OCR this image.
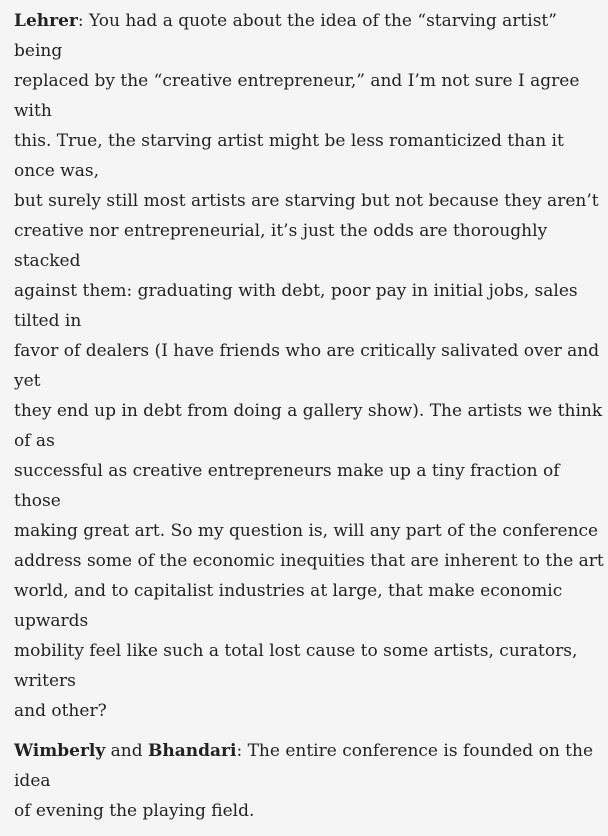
Lehrer: You had a quote about the idea of the “starving artist” being
replaced by the “creative entrepreneur,” and I’m not sure I agree with
this. True, the starving artist might be less romanticized than it once was,
but surely still most artists are starving but not because they aren’t
creative nor entrepreneurial, it’s just the odds are thoroughly stacked
against them: graduating with debt, poor pay in initial jobs, sales tilted in
favor of dealers (I have friends who are critically salivated over and yet
they end up in debt from doing a gallery show). The artists we think of as
successful as creative entrepreneurs make up a tiny fraction of those
making great art. So my question is, will any part of the conference
address some of the economic inequities that are inherent to the art
world, and to capitalist industries at large, that make economic upwards
mobility feel like such a total lost cause to some artists, curators, writers
and other?

Wimberly and Bhandari: The entire conference is founded on the idea
of evening the playing field.
